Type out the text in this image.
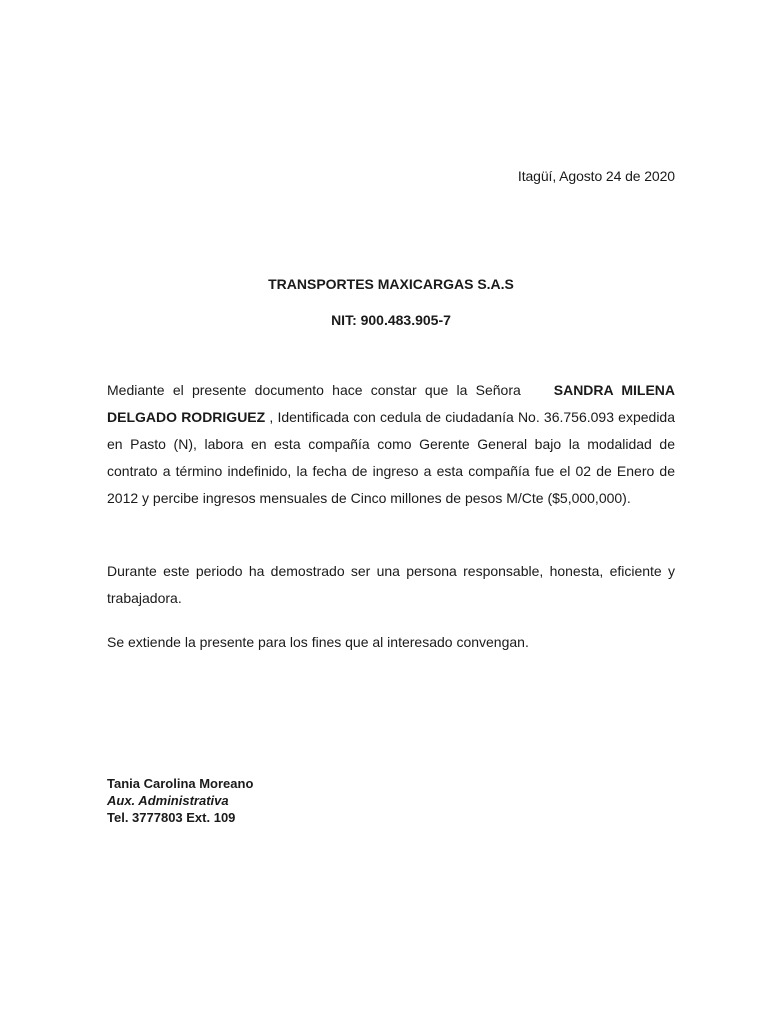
Itagüí, Agosto 24 de 2020
TRANSPORTES MAXICARGAS S.A.S
NIT: 900.483.905-7

Mediante el presente documento hace constar que la Señora SANDRA MILENA DELGADO RODRIGUEZ , Identificada con cedula de ciudadanía No. 36.756.093 expedida en Pasto (N), labora en esta compañía como Gerente General bajo la modalidad de contrato a término indefinido, la fecha de ingreso a esta compañía fue el 02 de Enero de 2012 y percibe ingresos mensuales de Cinco millones de pesos M/Cte ($5,000,000).

Durante este periodo ha demostrado ser una persona responsable, honesta, eficiente y trabajadora.

Se extiende la presente para los fines que al interesado convengan.

Tania Carolina Moreano
Aux. Administrativa
Tel. 3777803 Ext. 109
